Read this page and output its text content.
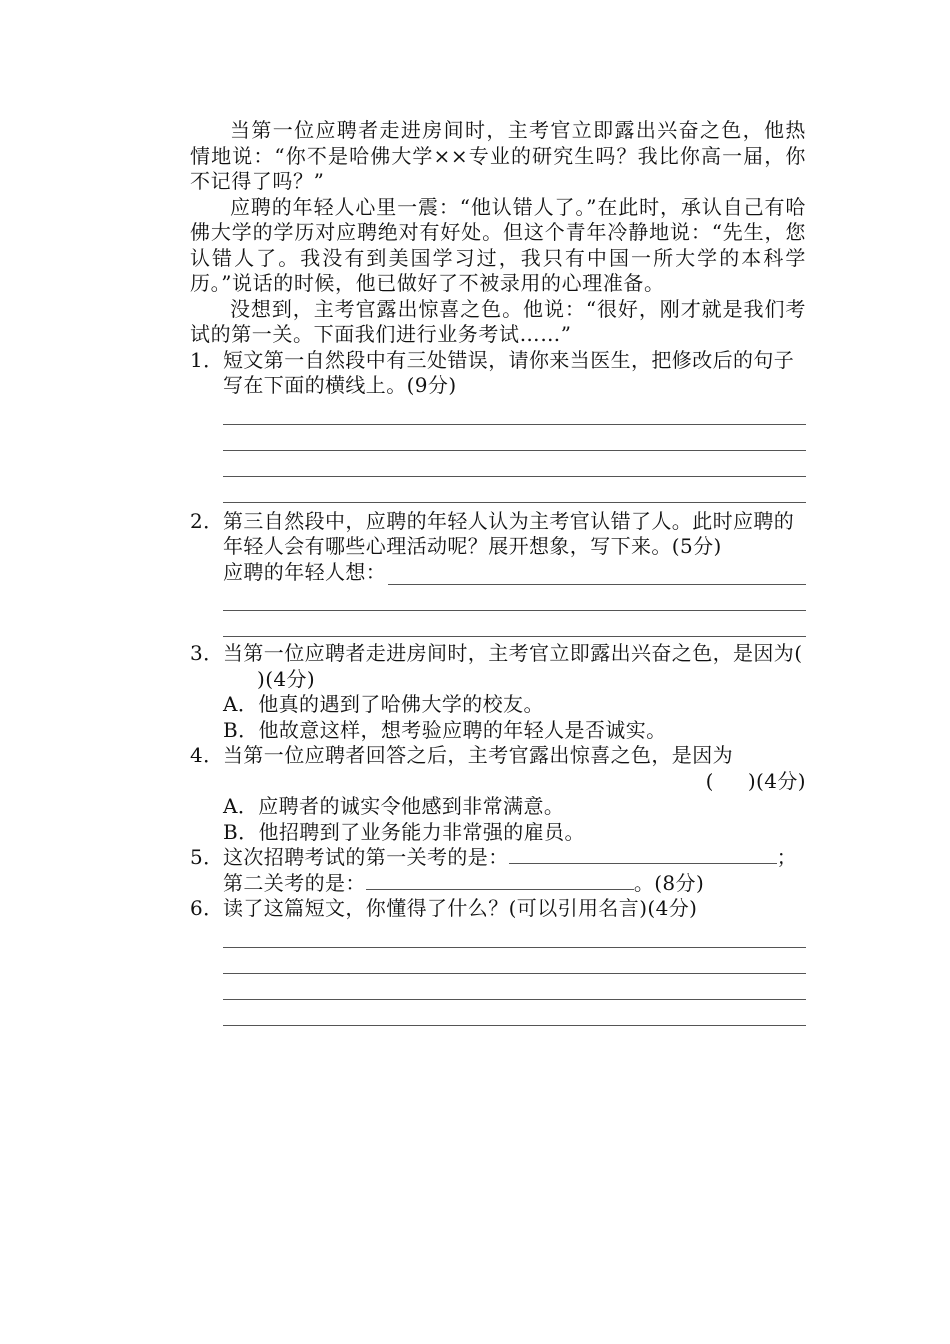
当第一位应聘者走进房间时，主考官立即露出兴奋之色，他热情地说：“你不是哈佛大学××专业的研究生吗？我比你高一届，你不记得了吗？”

应聘的年轻人心里一震：“他认错人了。”在此时，承认自己有哈佛大学的学历对应聘绝对有好处。但这个青年冷静地说：“先生，您认错人了。我没有到美国学习过，我只有中国一所大学的本科学历。”说话的时候，他已做好了不被录用的心理准备。

没想到，主考官露出惊喜之色。他说：“很好，刚才就是我们考试的第一关。下面我们进行业务考试……”

1． 短文第一自然段中有三处错误，请你来当医生，把修改后的句子写在下面的横线上。(9分)
2． 第三自然段中，应聘的年轻人认为主考官认错了人。此时应聘的年轻人会有哪些心理活动呢？展开想象，写下来。(5分)
应聘的年轻人想：
3． 当第一位应聘者走进房间时，主考官立即露出兴奋之色，是因为()(4分)
A．他真的遇到了哈佛大学的校友。
B．他故意这样，想考验应聘的年轻人是否诚实。
4． 当第一位应聘者回答之后，主考官露出惊喜之色，是因为
( )(4分)
A．应聘者的诚实令他感到非常满意。
B．他招聘到了业务能力非常强的雇员。
5． 这次招聘考试的第一关考的是：	；
第二关考的是：	。(8分)
6． 读了这篇短文，你懂得了什么？(可以引用名言)(4分)
